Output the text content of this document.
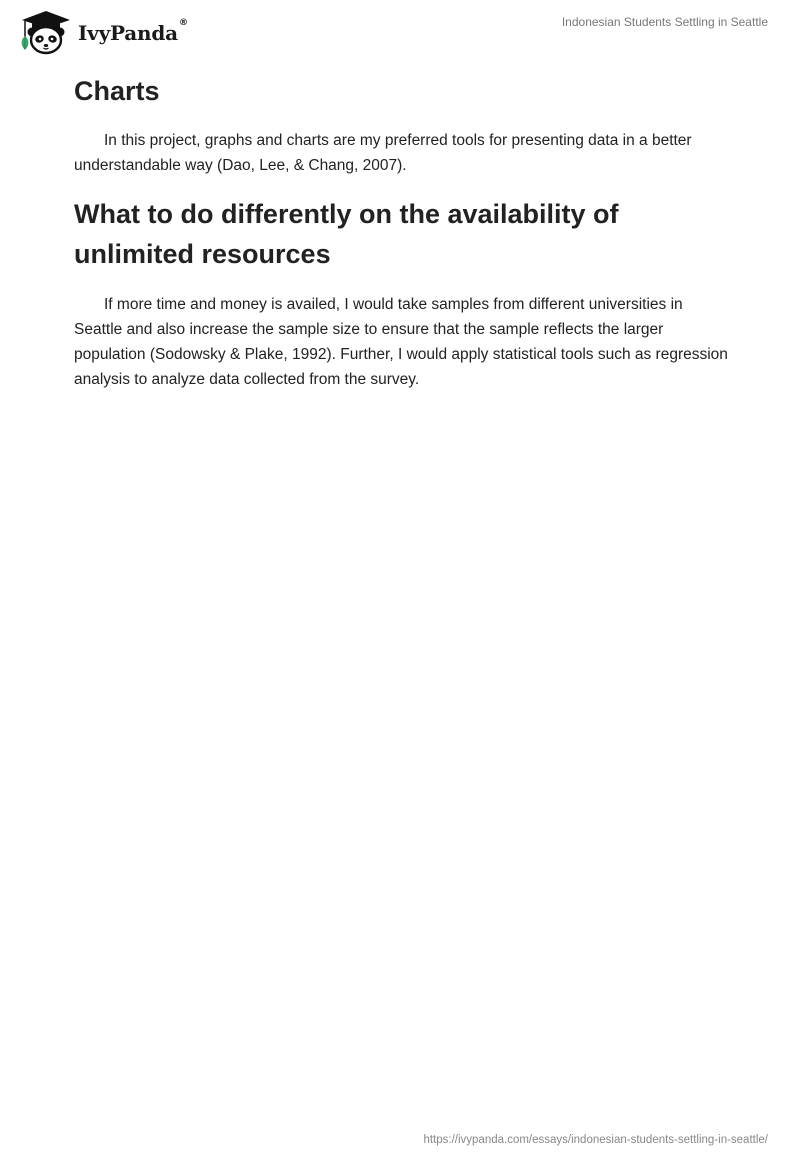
IvyPanda ®	Indonesian Students Settling in Seattle
Charts

In this project, graphs and charts are my preferred tools for presenting data in a better understandable way (Dao, Lee, & Chang, 2007).

What to do differently on the availability of unlimited resources

If more time and money is availed, I would take samples from different universities in Seattle and also increase the sample size to ensure that the sample reflects the larger population (Sodowsky & Plake, 1992). Further, I would apply statistical tools such as regression analysis to analyze data collected from the survey.

https://ivypanda.com/essays/indonesian-students-settling-in-seattle/
